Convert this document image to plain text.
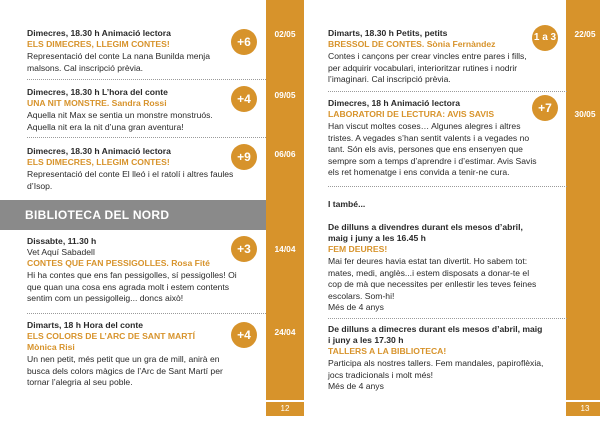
Dimecres, 18.30 h Animació lectora
ELS DIMECRES, LLEGIM CONTES!
Representació del conte La nana Bunilda menja
malsons. Cal inscripció prèvia.
+6
02/05
Dimecres, 18.30 h L’hora del conte
UNA NIT MONSTRE. Sandra Rossi
Aquella nit Max se sentia un monstre monstruós.
Aquella nit era la nit d’una gran aventura!
+4	09/05
Dimecres, 18.30 h Animació lectora
ELS DIMECRES, LLEGIM CONTES!
Representació del conte El lleó i el ratolí i altres faules
d’Isop.
+9	06/06
BIBLIOTECA DEL NORD
Dissabte, 11.30 h
Vet Aquí Sabadell
CONTES QUE FAN PESSIGOLLES. Rosa Fité
Hi ha contes que ens fan pessigolles, sí pessigolles! Oi
que quan una cosa ens agrada molt i estem contents
sentim com un pessigolleig... doncs això!
+3	14/04
Dimarts, 18 h Hora del conte
ELS COLORS DE L’ARC DE SANT MARTÍ
Mònica Risi
Un nen petit, més petit que un gra de mill, anirà en
busca dels colors màgics de l’Arc de Sant Martí per
tornar l’alegria al seu poble.
+4	24/04
12
Dimarts, 18.30 h Petits, petits
BRESSOL DE CONTES. Sònia Fernàndez
Contes i cançons per crear vincles entre pares i fills,
per adquirir vocabulari, interioritzar rutines i nodrir
l’imaginari. Cal inscripció prèvia.
1 a 3	22/05
Dimecres, 18 h Animació lectora
LABORATORI DE LECTURA: AVIS SAVIS
Han viscut moltes coses… Algunes alegres i altres
tristes. A vegades s’han sentit valents i a vegades no
tant. Són els avis, persones que ens ensenyen que
sempre som a temps d’aprendre i d’estimar. Avis Savis
els ret homenatge i ens convida a tenir-ne cura.
+7	30/05
I també...
De dilluns a divendres durant els mesos d’abril,
maig i juny a les 16.45 h
FEM DEURES!
Mai fer deures havia estat tan divertit. Ho sabem tot:
mates, medi, anglès...i estem disposats a donar-te el
cop de mà que necessites per enllestir les teves feines
escolars. Som-hi!
Més de 4 anys
De dilluns a dimecres durant els mesos d’abril, maig
i juny a les 17.30 h
TALLERS A LA BIBLIOTECA!
Participa als nostres tallers. Fem mandales, papiroflèxia,
jocs tradicionals i molt més!
Més de 4 anys
13
